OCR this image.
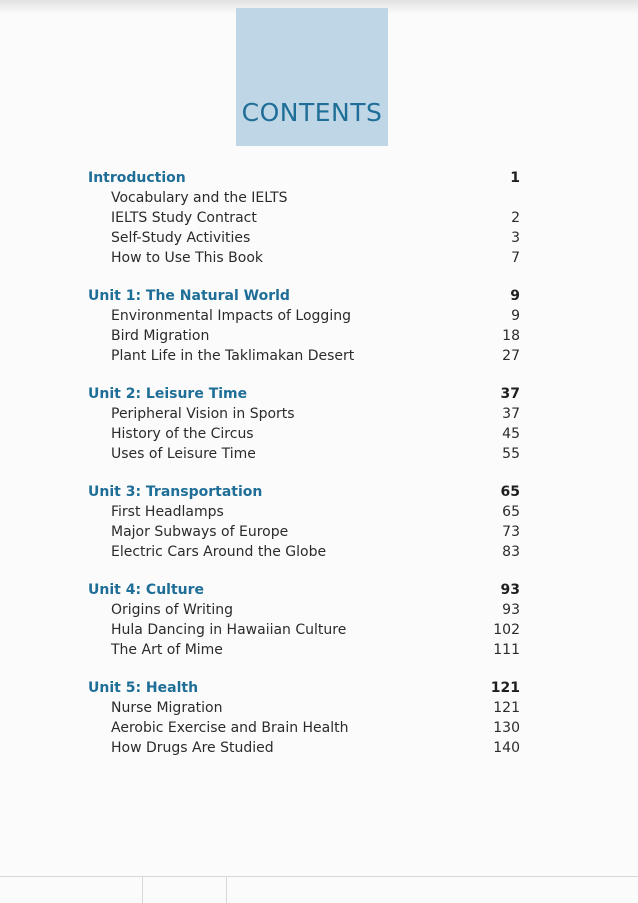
CONTENTS
Introduction	1
Vocabulary and the IELTS
IELTS Study Contract	2
Self-Study Activities	3
How to Use This Book	7
Unit 1: The Natural World	9
Environmental Impacts of Logging	9
Bird Migration	18
Plant Life in the Taklimakan Desert	27
Unit 2: Leisure Time	37
Peripheral Vision in Sports	37
History of the Circus	45
Uses of Leisure Time	55
Unit 3: Transportation	65
First Headlamps	65
Major Subways of Europe	73
Electric Cars Around the Globe	83
Unit 4: Culture	93
Origins of Writing	93
Hula Dancing in Hawaiian Culture	102
The Art of Mime	111
Unit 5: Health	121
Nurse Migration	121
Aerobic Exercise and Brain Health	130
How Drugs Are Studied	140
